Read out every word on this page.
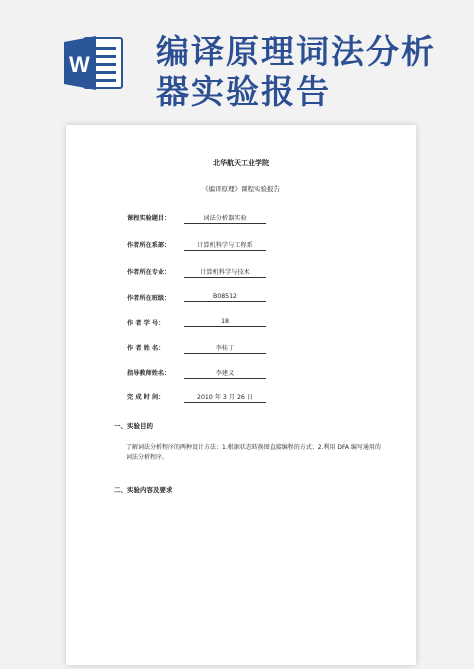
W 编译原理词法分析
器实验报告
北华航天工业学院
《编译原理》课程实验报告
课程实验题目：	词法分析器实验
作者所在系部：	计算机科学与工程系
作者所在专业：	计算机科学与技术
作者所在班级：	B08512
作 者 学 号：	18
作 者 姓 名：	李桂丁
指导教师姓名：	李建义
完 成 时 间：	2010 年 3 月 26 日
一、实验目的
了解词法分析程序的两种设计方法：1.根据状态转换图直接编程的方式；2.利用 DFA 编写通用的词法分析程序。
二、实验内容及要求
